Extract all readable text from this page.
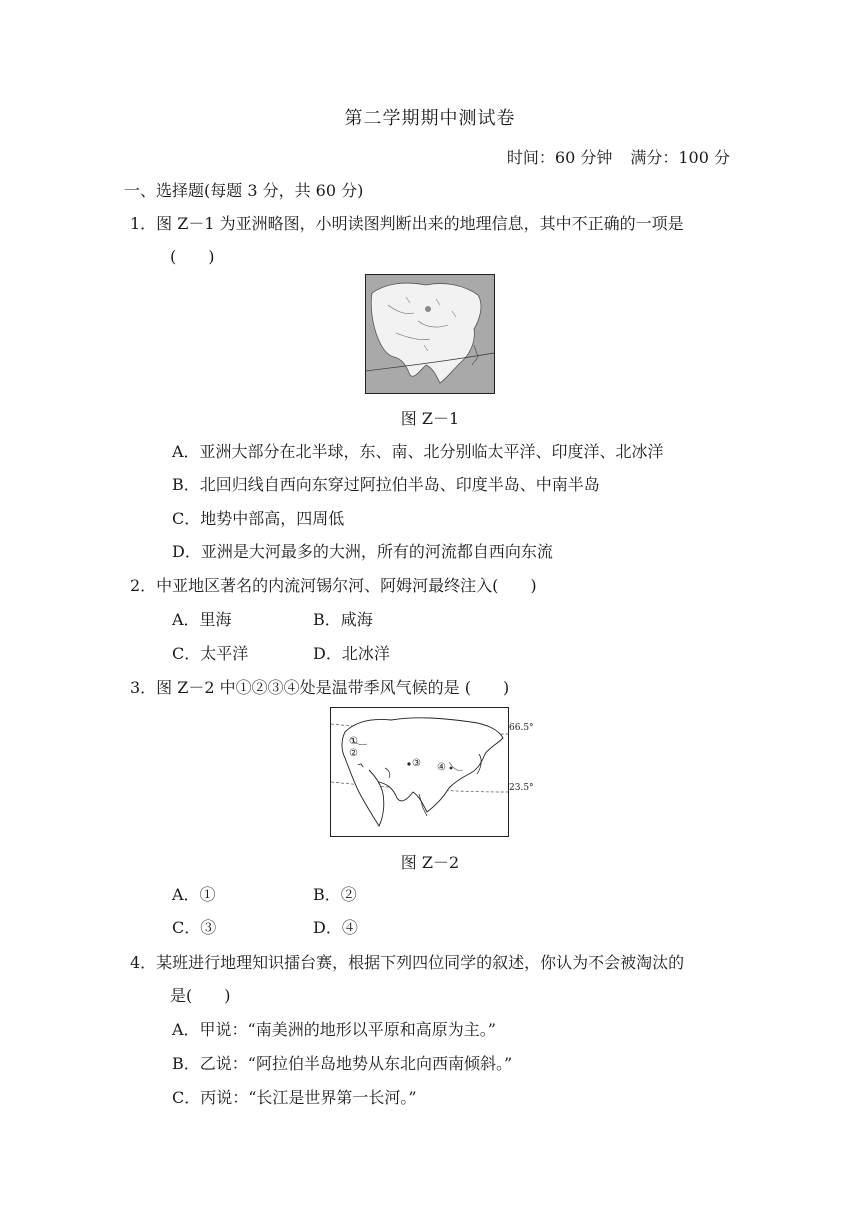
第二学期期中测试卷
时间：60 分钟 满分：100 分
一、选择题(每题 3 分，共 60 分)
1．图 Z－1 为亚洲略图，小明读图判断出来的地理信息，其中不正确的一项是
(　　)
图 Z－1
A．亚洲大部分在北半球，东、南、北分别临太平洋、印度洋、北冰洋
B．北回归线自西向东穿过阿拉伯半岛、印度半岛、中南半岛
C．地势中部高，四周低
D．亚洲是大河最多的大洲，所有的河流都自西向东流
2．中亚地区著名的内流河锡尔河、阿姆河最终注入(　　)
A．里海	B．咸海
C．太平洋	D．北冰洋
3．图 Z－2 中①②③④处是温带季风气候的是 (　　)
66.5°
23.5°
①
②
③ ④
图 Z－2
A．①	B．②
C．③	D．④
4．某班进行地理知识擂台赛，根据下列四位同学的叙述，你认为不会被淘汰的
是(　　)
A．甲说：“南美洲的地形以平原和高原为主。”
B．乙说：“阿拉伯半岛地势从东北向西南倾斜。”
C．丙说：“长江是世界第一长河。”
